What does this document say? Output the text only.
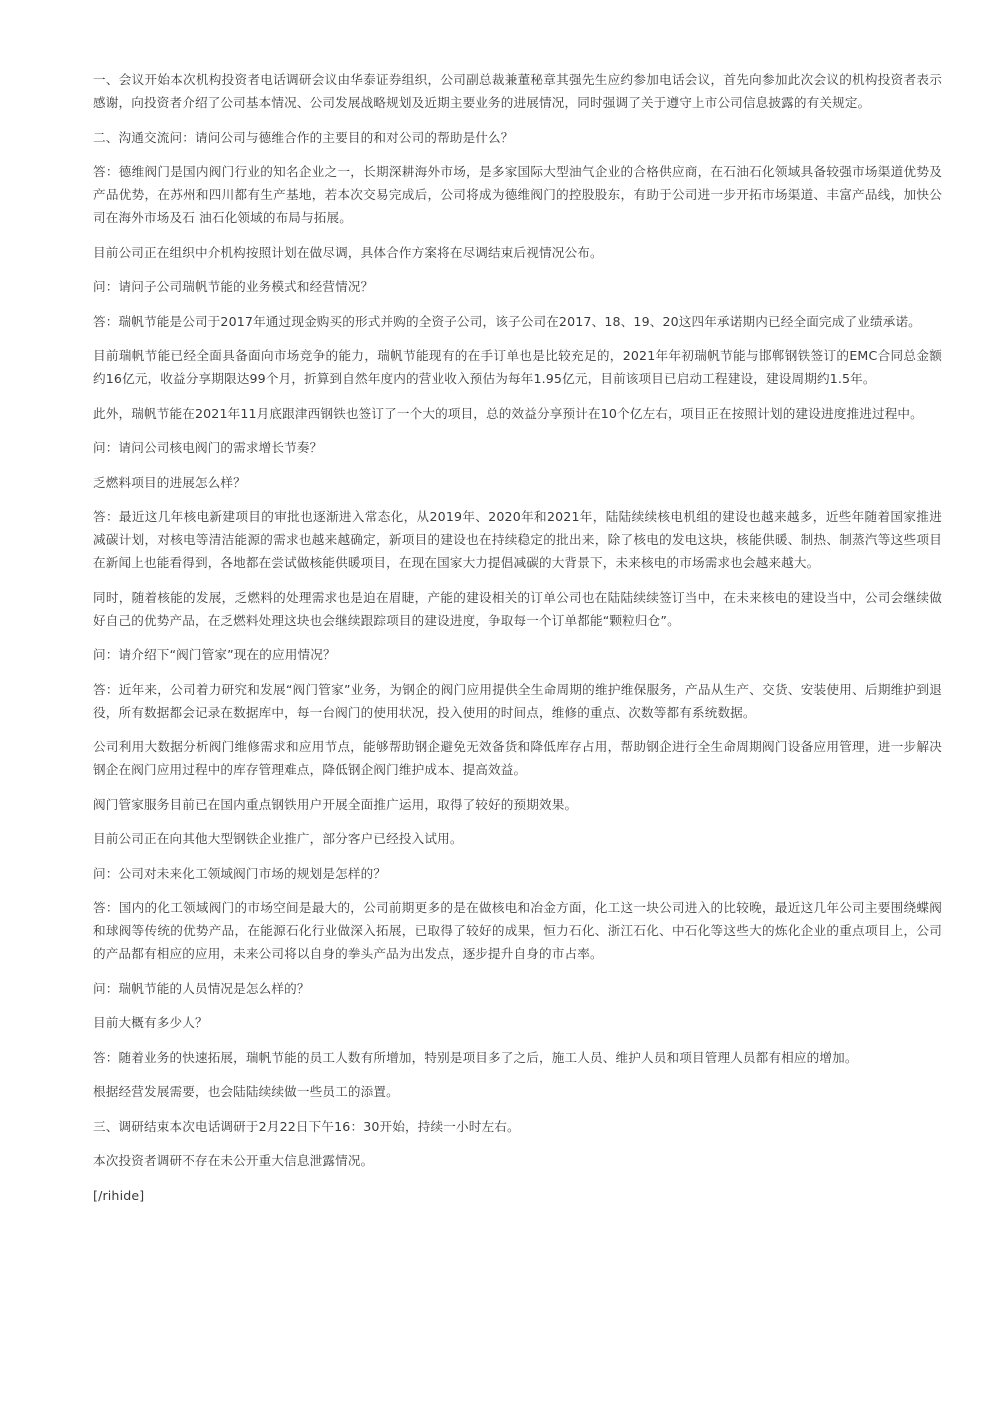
一、会议开始本次机构投资者电话调研会议由华泰证券组织，公司副总裁兼董秘章其强先生应约参加电话会议，首先向参加此次会议的机构投资者表示感谢，向投资者介绍了公司基本情况、公司发展战略规划及近期主要业务的进展情况，同时强调了关于遵守上市公司信息披露的有关规定。

二、沟通交流问：请问公司与德维合作的主要目的和对公司的帮助是什么？

答：德维阀门是国内阀门行业的知名企业之一，长期深耕海外市场，是多家国际大型油气企业的合格供应商，在石油石化领域具备较强市场渠道优势及产品优势，在苏州和四川都有生产基地，若本次交易完成后，公司将成为德维阀门的控股股东，有助于公司进一步开拓市场渠道、丰富产品线，加快公司在海外市场及石 油石化领域的布局与拓展。

目前公司正在组织中介机构按照计划在做尽调，具体合作方案将在尽调结束后视情况公布。

问：请问子公司瑞帆节能的业务模式和经营情况？

答：瑞帆节能是公司于2017年通过现金购买的形式并购的全资子公司，该子公司在2017、18、19、20这四年承诺期内已经全面完成了业绩承诺。

目前瑞帆节能已经全面具备面向市场竞争的能力，瑞帆节能现有的在手订单也是比较充足的，2021年年初瑞帆节能与邯郸钢铁签订的EMC合同总金额约16亿元，收益分享期限达99个月，折算到自然年度内的营业收入预估为每年1.95亿元，目前该项目已启动工程建设，建设周期约1.5年。

此外，瑞帆节能在2021年11月底跟津西钢铁也签订了一个大的项目，总的效益分享预计在10个亿左右，项目正在按照计划的建设进度推进过程中。

问：请问公司核电阀门的需求增长节奏？

乏燃料项目的进展怎么样？

答：最近这几年核电新建项目的审批也逐渐进入常态化，从2019年、2020年和2021年，陆陆续续核电机组的建设也越来越多，近些年随着国家推进减碳计划，对核电等清洁能源的需求也越来越确定，新项目的建设也在持续稳定的批出来，除了核电的发电这块，核能供暖、制热、制蒸汽等这些项目在新闻上也能看得到，各地都在尝试做核能供暖项目，在现在国家大力提倡减碳的大背景下，未来核电的市场需求也会越来越大。

同时，随着核能的发展，乏燃料的处理需求也是迫在眉睫，产能的建设相关的订单公司也在陆陆续续签订当中，在未来核电的建设当中，公司会继续做好自己的优势产品，在乏燃料处理这块也会继续跟踪项目的建设进度，争取每一个订单都能“颗粒归仓”。

问：请介绍下“阀门管家”现在的应用情况？

答：近年来，公司着力研究和发展“阀门管家”业务，为钢企的阀门应用提供全生命周期的维护维保服务，产品从生产、交货、安装使用、后期维护到退役，所有数据都会记录在数据库中，每一台阀门的使用状况，投入使用的时间点，维修的重点、次数等都有系统数据。

公司利用大数据分析阀门维修需求和应用节点，能够帮助钢企避免无效备货和降低库存占用，帮助钢企进行全生命周期阀门设备应用管理，进一步解决钢企在阀门应用过程中的库存管理难点，降低钢企阀门维护成本、提高效益。

阀门管家服务目前已在国内重点钢铁用户开展全面推广运用，取得了较好的预期效果。

目前公司正在向其他大型钢铁企业推广，部分客户已经投入试用。

问：公司对未来化工领域阀门市场的规划是怎样的？

答：国内的化工领域阀门的市场空间是最大的，公司前期更多的是在做核电和冶金方面，化工这一块公司进入的比较晚，最近这几年公司主要围绕蝶阀和球阀等传统的优势产品，在能源石化行业做深入拓展，已取得了较好的成果，恒力石化、浙江石化、中石化等这些大的炼化企业的重点项目上，公司的产品都有相应的应用，未来公司将以自身的拳头产品为出发点，逐步提升自身的市占率。

问：瑞帆节能的人员情况是怎么样的？

目前大概有多少人？

答：随着业务的快速拓展，瑞帆节能的员工人数有所增加，特别是项目多了之后，施工人员、维护人员和项目管理人员都有相应的增加。

根据经营发展需要，也会陆陆续续做一些员工的添置。

三、调研结束本次电话调研于2月22日下午16：30开始，持续一小时左右。

本次投资者调研不存在未公开重大信息泄露情况。

[/rihide]
